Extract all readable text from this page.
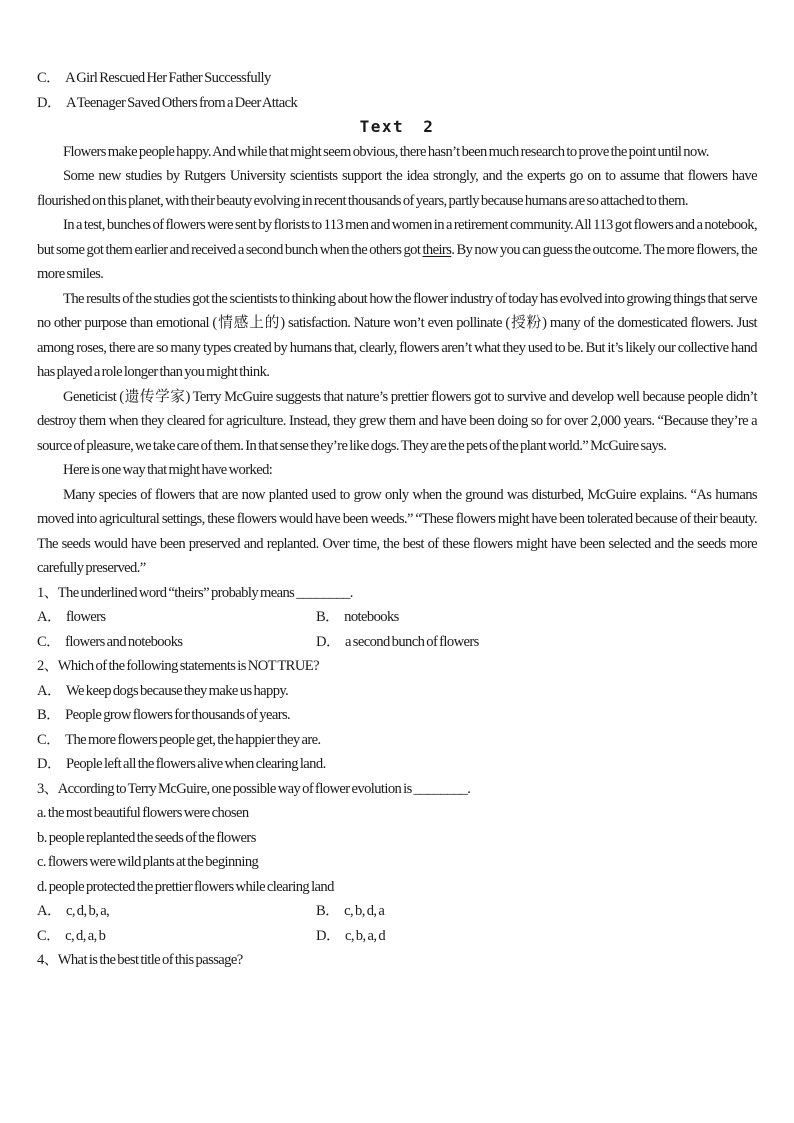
C． A Girl Rescued Her Father Successfully
D． A Teenager Saved Others from a Deer Attack
Text 2

Flowers make people happy. And while that might seem obvious, there hasn’t been much research to prove the point until now.

Some new studies by Rutgers University scientists support the idea strongly, and the experts go on to assume that flowers have flourished on this planet, with their beauty evolving in recent thousands of years, partly because humans are so attached to them.

In a test, bunches of flowers were sent by florists to 113 men and women in a retirement community. All 113 got flowers and a notebook, but some got them earlier and received a second bunch when the others got theirs. By now you can guess the outcome. The more flowers, the more smiles.

The results of the studies got the scientists to thinking about how the flower industry of today has evolved into growing things that serve no other purpose than emotional (情感上的) satisfaction. Nature won’t even pollinate (授粉) many of the domesticated flowers. Just among roses, there are so many types created by humans that, clearly, flowers aren’t what they used to be. But it’s likely our collective hand has played a role longer than you might think.

Geneticist (遗传学家) Terry McGuire suggests that nature’s prettier flowers got to survive and develop well because people didn’t destroy them when they cleared for agriculture. Instead, they grew them and have been doing so for over 2,000 years. “Because they’re a source of pleasure, we take care of them. In that sense they’re like dogs. They are the pets of the plant world.” McGuire says.

Here is one way that might have worked:

Many species of flowers that are now planted used to grow only when the ground was disturbed, McGuire explains. “As humans moved into agricultural settings, these flowers would have been weeds.” “These flowers might have been tolerated because of their beauty. The seeds would have been preserved and replanted. Over time, the best of these flowers might have been selected and the seeds more carefully preserved.”

1、The underlined word “theirs” probably means ________.
A． flowers	B． notebooks
C． flowers and notebooks	D． a second bunch of flowers
2、Which of the following statements is NOT TRUE?
A． We keep dogs because they make us happy.
B． People grow flowers for thousands of years.
C． The more flowers people get, the happier they are.
D． People left all the flowers alive when clearing land.
3、According to Terry McGuire, one possible way of flower evolution is ________.
a. the most beautiful flowers were chosen
b. people replanted the seeds of the flowers
c. flowers were wild plants at the beginning
d. people protected the prettier flowers while clearing land
A． c, d, b, a,	B． c, b, d, a
C． c, d, a, b	D． c, b, a, d
4、What is the best title of this passage?
